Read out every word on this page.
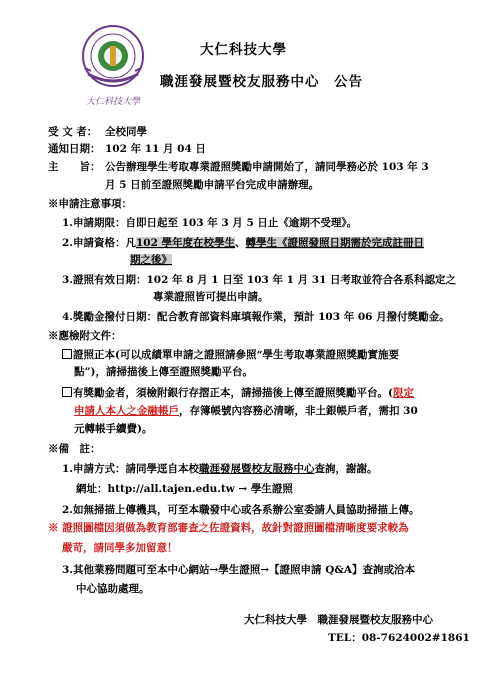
大仁科技大學
大仁科技大學
職涯發展暨校友服務中心　公告
受 文 者： 全校同學
通知日期： 102 年 11 月 04 日
主　　旨： 公告辦理學生考取專業證照獎勵申請開始了，請同學務必於 103 年 3
月 5 日前至證照獎勵申請平台完成申請辦理。
※申請注意事項：
1.申請期限：自即日起至 103 年 3 月 5 日止《逾期不受理》。
2.申請資格：凡102 學年度在校學生、轉學生《證照發照日期需於完成註冊日
期之後》
3.證照有效日期：102 年 8 月 1 日至 103 年 1 月 31 日考取並符合各系科認定之
專業證照皆可提出申請。
4.獎勵金撥付日期：配合教育部資料庫填報作業，預計 103 年 06 月撥付獎勵金。
※應檢附文件：
證照正本(可以成績單申請之證照請參照“學生考取專業證照獎勵實施要
點”)，請掃描後上傳至證照獎勵平台。
有獎勵金者，須檢附銀行存摺正本，請掃描後上傳至證照獎勵平台。(限定
申請人本人之金融帳戶，存簿帳號內容務必清晰，非土銀帳戶者，需扣 30
元轉帳手續費)。
※備　註：
1.申請方式：請同學逕自本校職涯發展暨校友服務中心查詢，謝謝。
網址：http://all.tajen.edu.tw → 學生證照
2.如無掃描上傳機具，可至本職發中心或各系辦公室委請人員協助掃描上傳。
※ 證照圖檔因須做為教育部審查之佐證資料，故針對證照圖檔清晰度要求較為
嚴苛，請同學多加留意！
3.其他業務問題可至本中心網站→學生證照→【證照申請 Q&A】查詢或洽本
中心協助處理。
大仁科技大學　職涯發展暨校友服務中心
TEL：08-7624002#1861
